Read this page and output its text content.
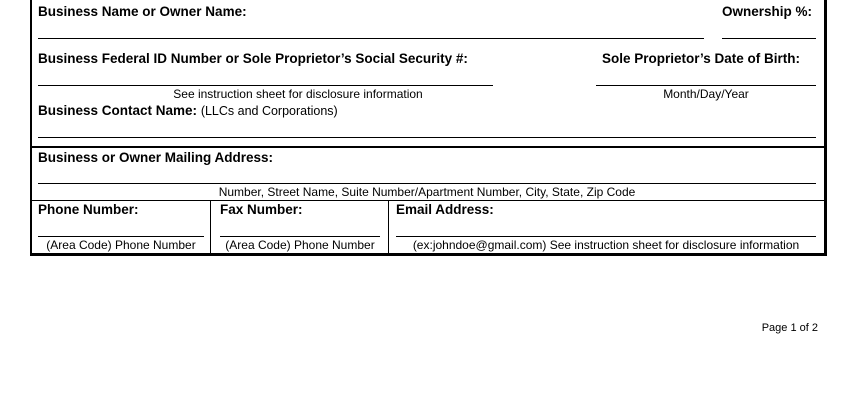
Business Name or Owner Name:	Ownership %:
Business Federal ID Number or Sole Proprietor’s Social Security #:	Sole Proprietor’s Date of Birth:
See instruction sheet for disclosure information	Month/Day/Year
Business Contact Name: (LLCs and Corporations)
Business or Owner Mailing Address:
Number, Street Name, Suite Number/Apartment Number, City, State, Zip Code
Phone Number:	Fax Number:	Email Address:
(Area Code) Phone Number	(Area Code) Phone Number	(ex:johndoe@gmail.com) See instruction sheet for disclosure information
Page 1 of 2
